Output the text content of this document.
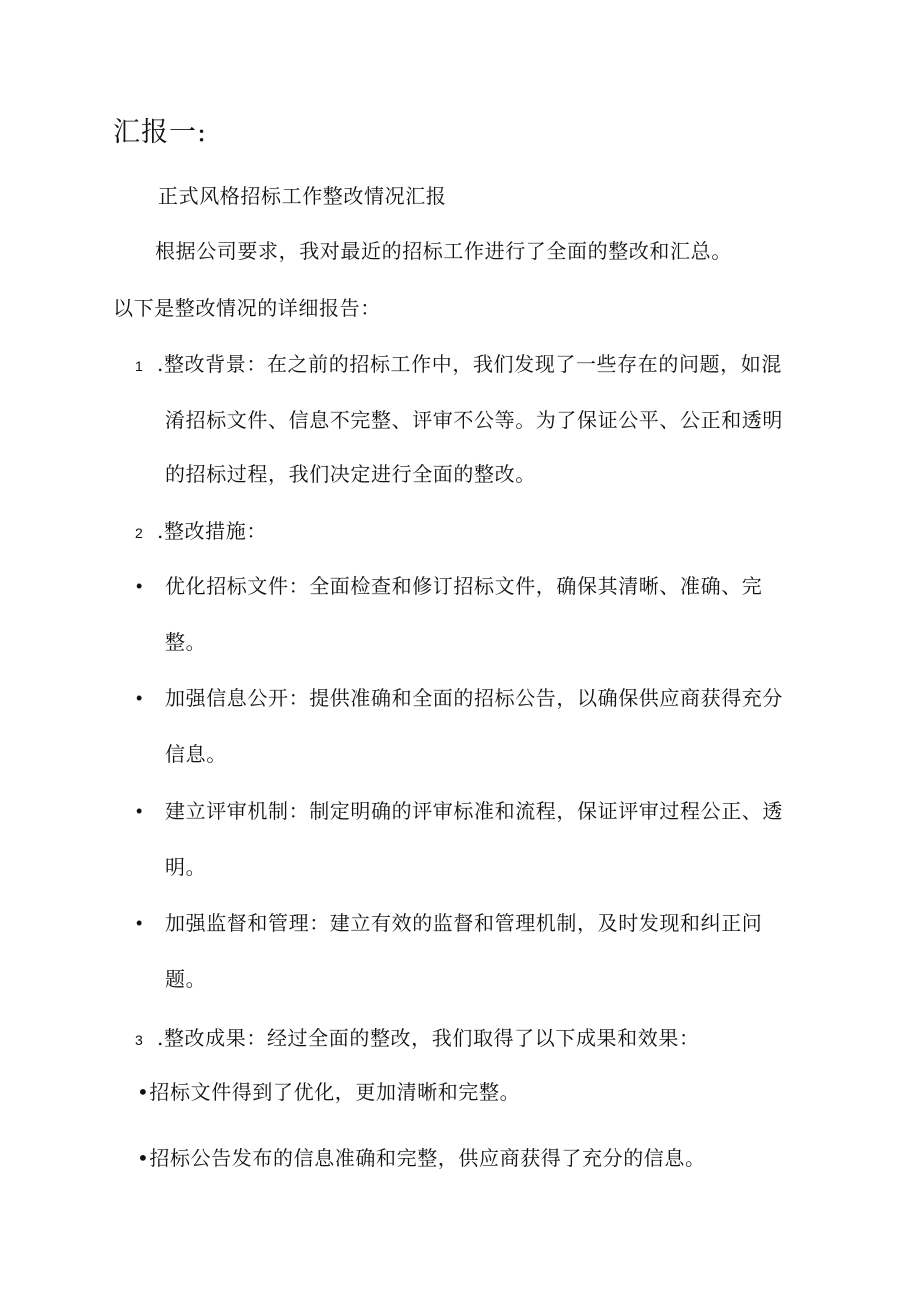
汇报一:
正式风格招标工作整改情况汇报
根据公司要求，我对最近的招标工作进行了全面的整改和汇总。
以下是整改情况的详细报告：
1 .整改背景：在之前的招标工作中，我们发现了一些存在的问题，如混
淆招标文件、信息不完整、评审不公等。为了保证公平、公正和透明
的招标过程，我们决定进行全面的整改。
2 .整改措施：
• 优化招标文件：全面检查和修订招标文件，确保其清晰、准确、完
整。
• 加强信息公开：提供准确和全面的招标公告，以确保供应商获得充分
信息。
• 建立评审机制：制定明确的评审标准和流程，保证评审过程公正、透
明。
• 加强监督和管理：建立有效的监督和管理机制，及时发现和纠正问
题。
3 .整改成果：经过全面的整改，我们取得了以下成果和效果：
•招标文件得到了优化，更加清晰和完整。
•招标公告发布的信息准确和完整，供应商获得了充分的信息。
